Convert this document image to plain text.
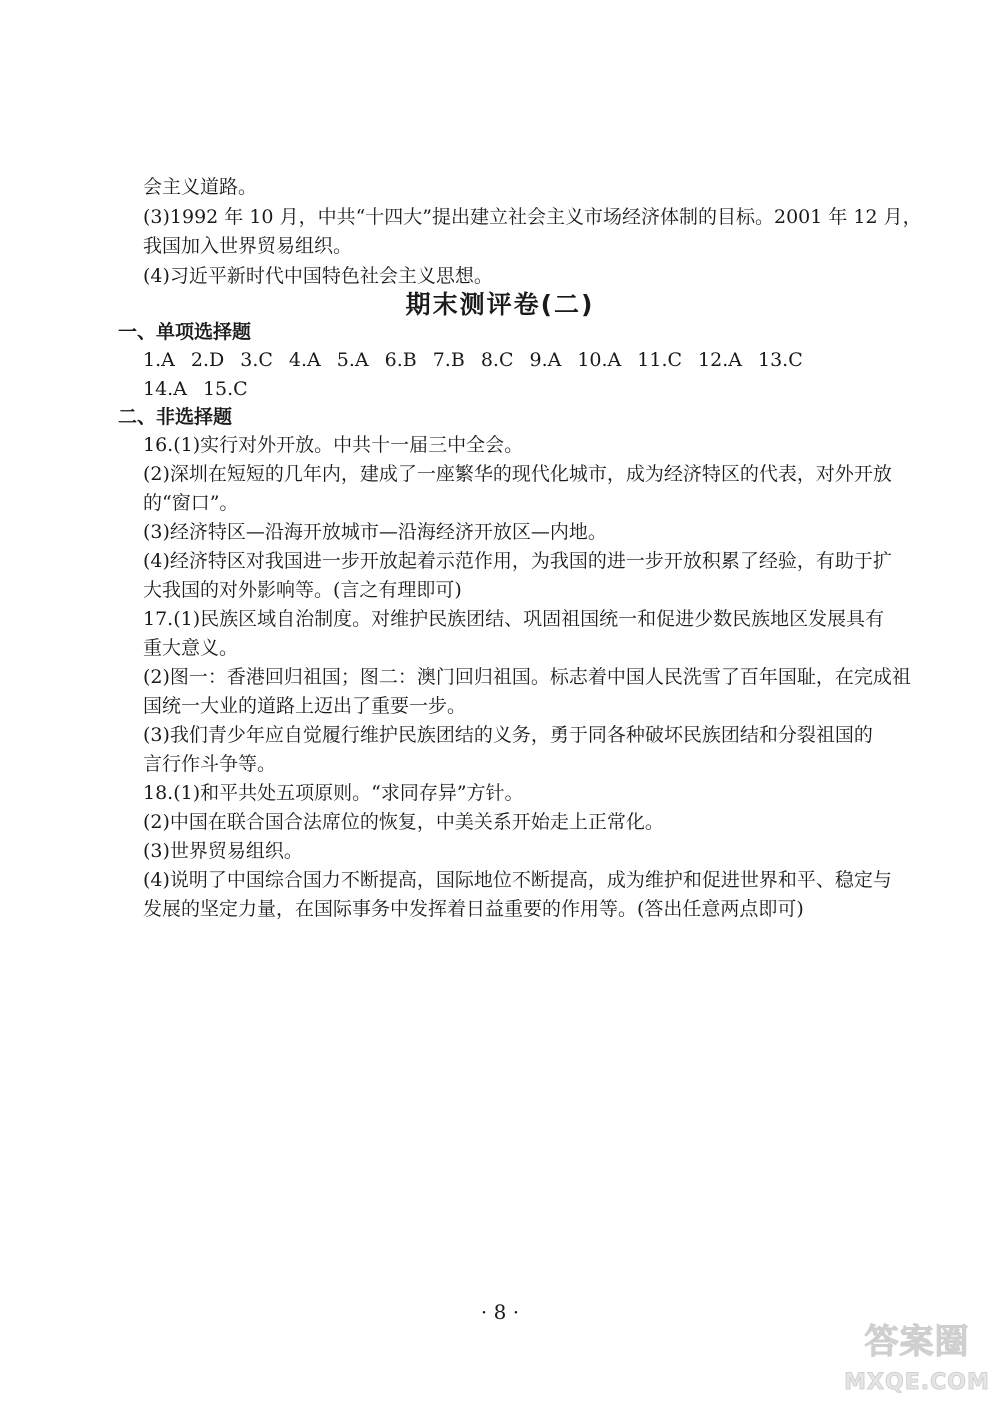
会主义道路。
(3)1992 年 10 月，中共“十四大”提出建立社会主义市场经济体制的目标。2001 年 12 月，
我国加入世界贸易组织。
(4)习近平新时代中国特色社会主义思想。
期末测评卷(二)
一、单项选择题
1.A 2.D 3.C 4.A 5.A 6.B 7.B 8.C 9.A 10.A 11.C 12.A 13.C
14.A 15.C
二、非选择题
16.(1)实行对外开放。中共十一届三中全会。
(2)深圳在短短的几年内，建成了一座繁华的现代化城市，成为经济特区的代表，对外开放
的“窗口”。
(3)经济特区—沿海开放城市—沿海经济开放区—内地。
(4)经济特区对我国进一步开放起着示范作用，为我国的进一步开放积累了经验，有助于扩
大我国的对外影响等。(言之有理即可)
17.(1)民族区域自治制度。对维护民族团结、巩固祖国统一和促进少数民族地区发展具有
重大意义。
(2)图一：香港回归祖国；图二：澳门回归祖国。标志着中国人民洗雪了百年国耻，在完成祖
国统一大业的道路上迈出了重要一步。
(3)我们青少年应自觉履行维护民族团结的义务，勇于同各种破坏民族团结和分裂祖国的
言行作斗争等。
18.(1)和平共处五项原则。“求同存异”方针。
(2)中国在联合国合法席位的恢复，中美关系开始走上正常化。
(3)世界贸易组织。
(4)说明了中国综合国力不断提高，国际地位不断提高，成为维护和促进世界和平、稳定与
发展的坚定力量，在国际事务中发挥着日益重要的作用等。(答出任意两点即可)
· 8 ·
答案圈
MXQE.COM
